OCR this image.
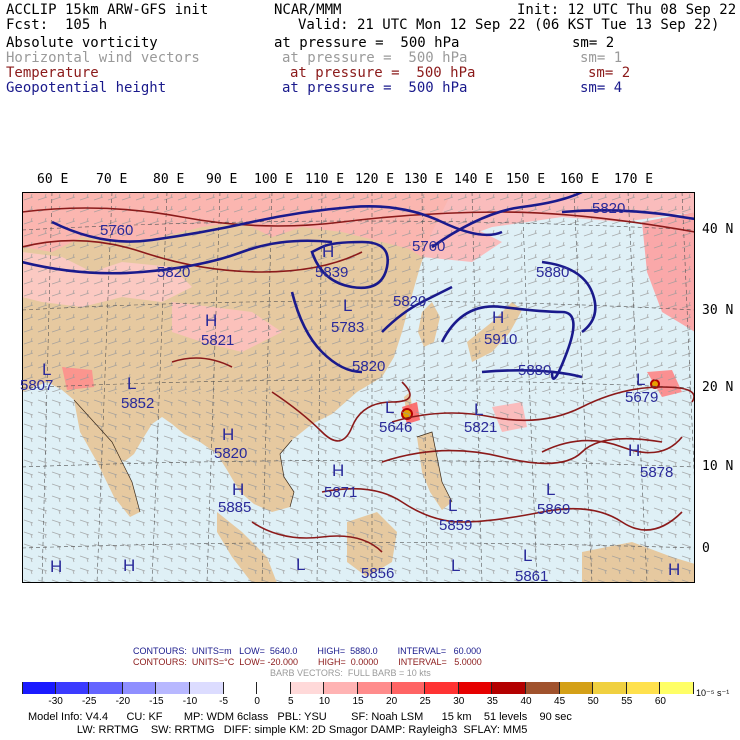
ACCLIP 15km ARW-GFS init	NCAR/MMM	Init: 12 UTC Thu 08 Sep 22
Fcst:  105 h	Valid: 21 UTC Mon 12 Sep 22 (06 KST Tue 13 Sep 22)
Absolute vorticity	at pressure =  500 hPa	sm= 2
Horizontal wind vectors	at pressure =  500 hPa	sm= 1
Temperature	at pressure =  500 hPa	sm= 2
Geopotential height	at pressure =  500 hPa	sm= 4
60 E 70 E 80 E 90 E 100 E 110 E 120 E 130 E 140 E 150 E 160 E 170 E
40 N
30 N
20 N
10 N
0
5760
5820	5839
5760
5820
5783
5820
5821
5820
5880
5910
5880
5807
5852
5646	5821
5679
5871
5869
5859
5856	5861
5885
5820
5878
H
L
L
H
L
L	L
H
H
H
L
L
H
L
H	L
H	H
H
L
L
CONTOURS:  UNITS=m   LOW=  5640.0        HIGH=  5880.0        INTERVAL=   60.000
CONTOURS:  UNITS=°C  LOW= -20.000        HIGH=  0.0000        INTERVAL=   5.0000
BARB VECTORS:  FULL BARB = 10 kts
-30	-25	-20	-15	-10	-5	0	5	10	15	20	25	30	35	40	45	50	55	60
10⁻⁵ s⁻¹
Model Info: V4.4      CU: KF       MP: WDM 6class   PBL: YSU        SF: Noah LSM      15 km    51 levels    90 sec
LW: RRTMG    SW: RRTMG   DIFF: simple KM: 2D Smagor DAMP: Rayleigh3  SFLAY: MM5
